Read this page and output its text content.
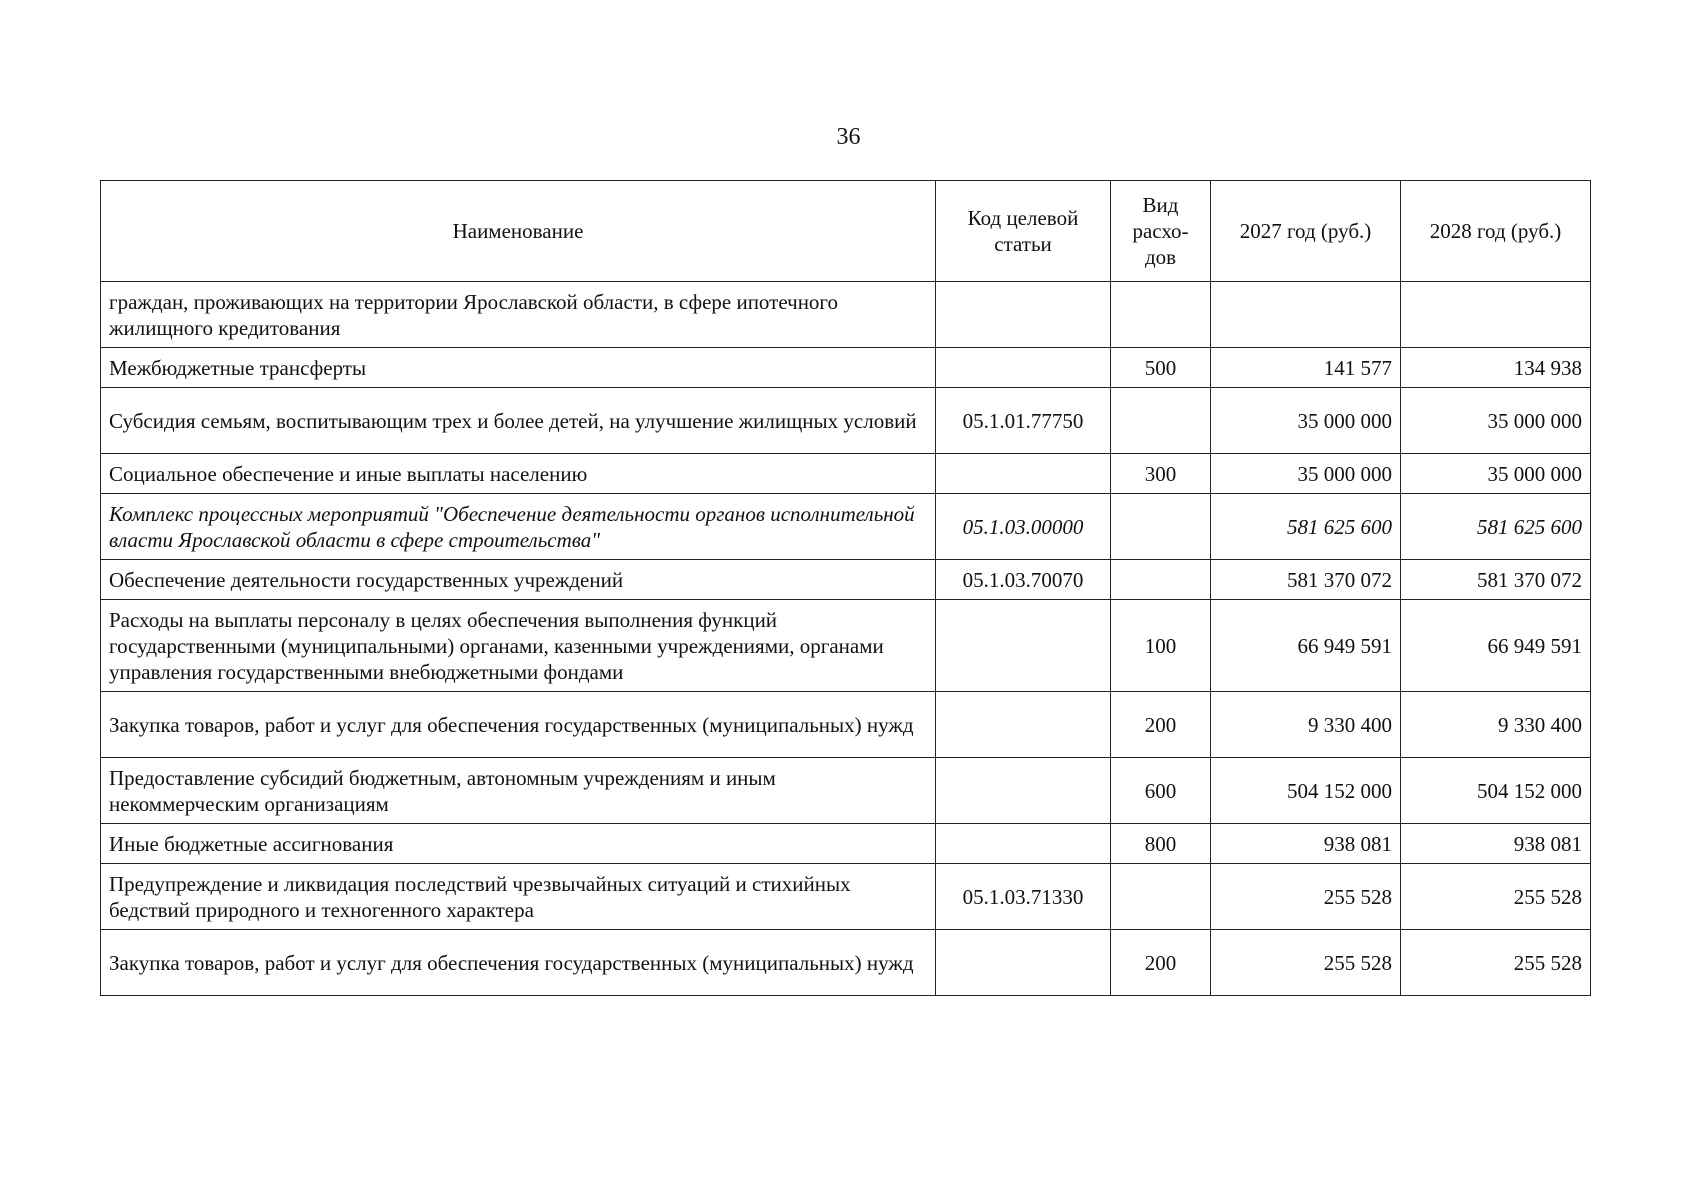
36
Наименование	Код целевой статьи	Вид расхо-дов	2027 год (руб.)	2028 год (руб.)
граждан, проживающих на территории Ярославской области, в сфере ипотечного жилищного кредитования				
Межбюджетные трансферты		500	141 577	134 938
Субсидия семьям, воспитывающим трех и более детей, на улучшение жилищных условий	05.1.01.77750		35 000 000	35 000 000
Социальное обеспечение и иные выплаты населению		300	35 000 000	35 000 000
Комплекс процессных мероприятий "Обеспечение деятельности органов исполнительной власти Ярославской области в сфере строительства"	05.1.03.00000		581 625 600	581 625 600
Обеспечение деятельности государственных учреждений	05.1.03.70070		581 370 072	581 370 072
Расходы на выплаты персоналу в целях обеспечения выполнения функций государственными (муниципальными) органами, казенными учреждениями, органами управления государственными внебюджетными фондами		100	66 949 591	66 949 591
Закупка товаров, работ и услуг для обеспечения государственных (муниципальных) нужд		200	9 330 400	9 330 400
Предоставление субсидий бюджетным, автономным учреждениям и иным некоммерческим организациям		600	504 152 000	504 152 000
Иные бюджетные ассигнования		800	938 081	938 081
Предупреждение и ликвидация последствий чрезвычайных ситуаций и стихийных бедствий природного и техногенного характера	05.1.03.71330		255 528	255 528
Закупка товаров, работ и услуг для обеспечения государственных (муниципальных) нужд		200	255 528	255 528
